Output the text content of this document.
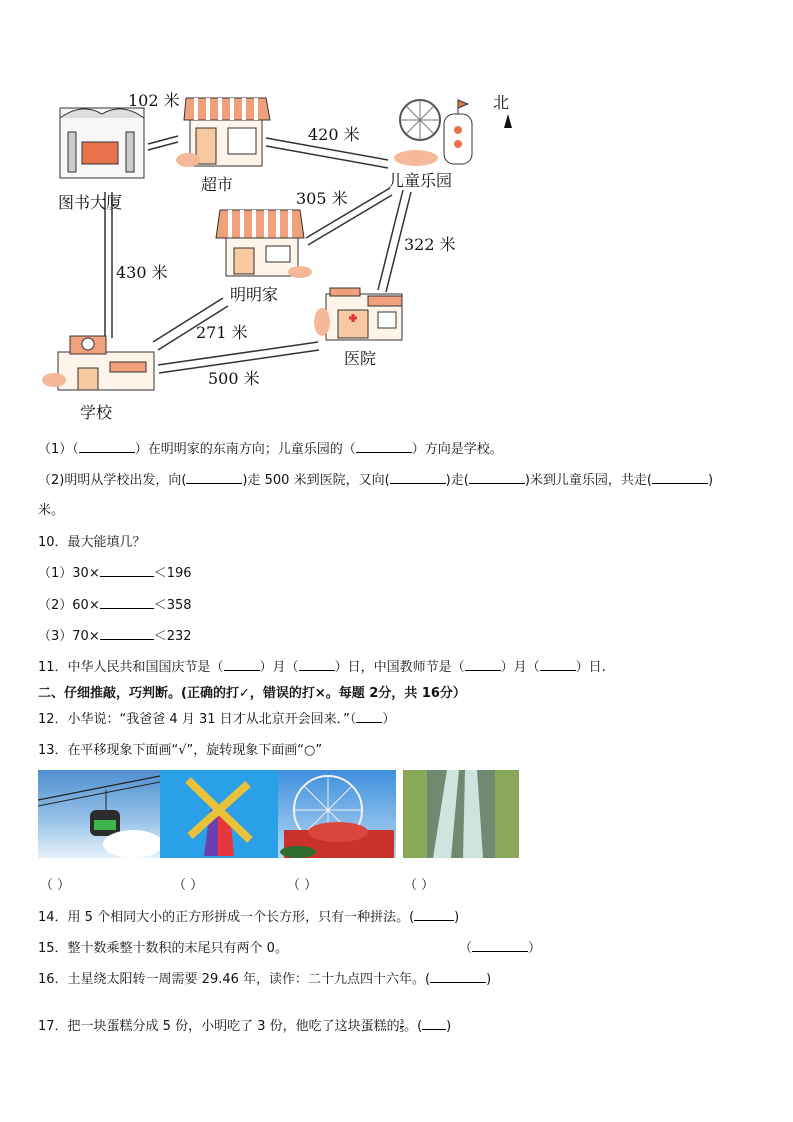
102 米
420 米
305 米
430 米
322 米
271 米
500 米
图书大厦
超市	儿童乐园
明明家
医院
学校
北
（1）（	）在明明家的东南方向；儿童乐园的（	）方向是学校。
（2)明明从学校出发，向(	)走 500 米到医院，又向(	)走(	)米到儿童乐园，共走(	)
米。
10．最大能填几？
（1）30×	＜196
（2）60×	＜358
（3）70×	＜232
11．中华人民共和国国庆节是（	）月（	）日，中国教师节是（	）月（	）日.
二、仔细推敲，巧判断。(正确的打✓，错误的打×。每题 2分，共 16分）
12．小华说：“我爸爸 4 月 31 日才从北京开会回来．”（ ）
13．在平移现象下面画“√”，旋转现象下面画“○”
（ ）	（ ）	（ ）	（ ）
14．用 5 个相同大小的正方形拼成一个长方形，只有一种拼法。(	)
15．整十数乘整十数积的末尾只有两个 0。	（	）
16．土星绕太阳转一周需要 29.46 年，读作：二十九点四十六年。(	)
17．把一块蛋糕分成 5 份，小明吃了 3 份，他吃了这块蛋糕的 $\frac{3}{5}$ 。( )
